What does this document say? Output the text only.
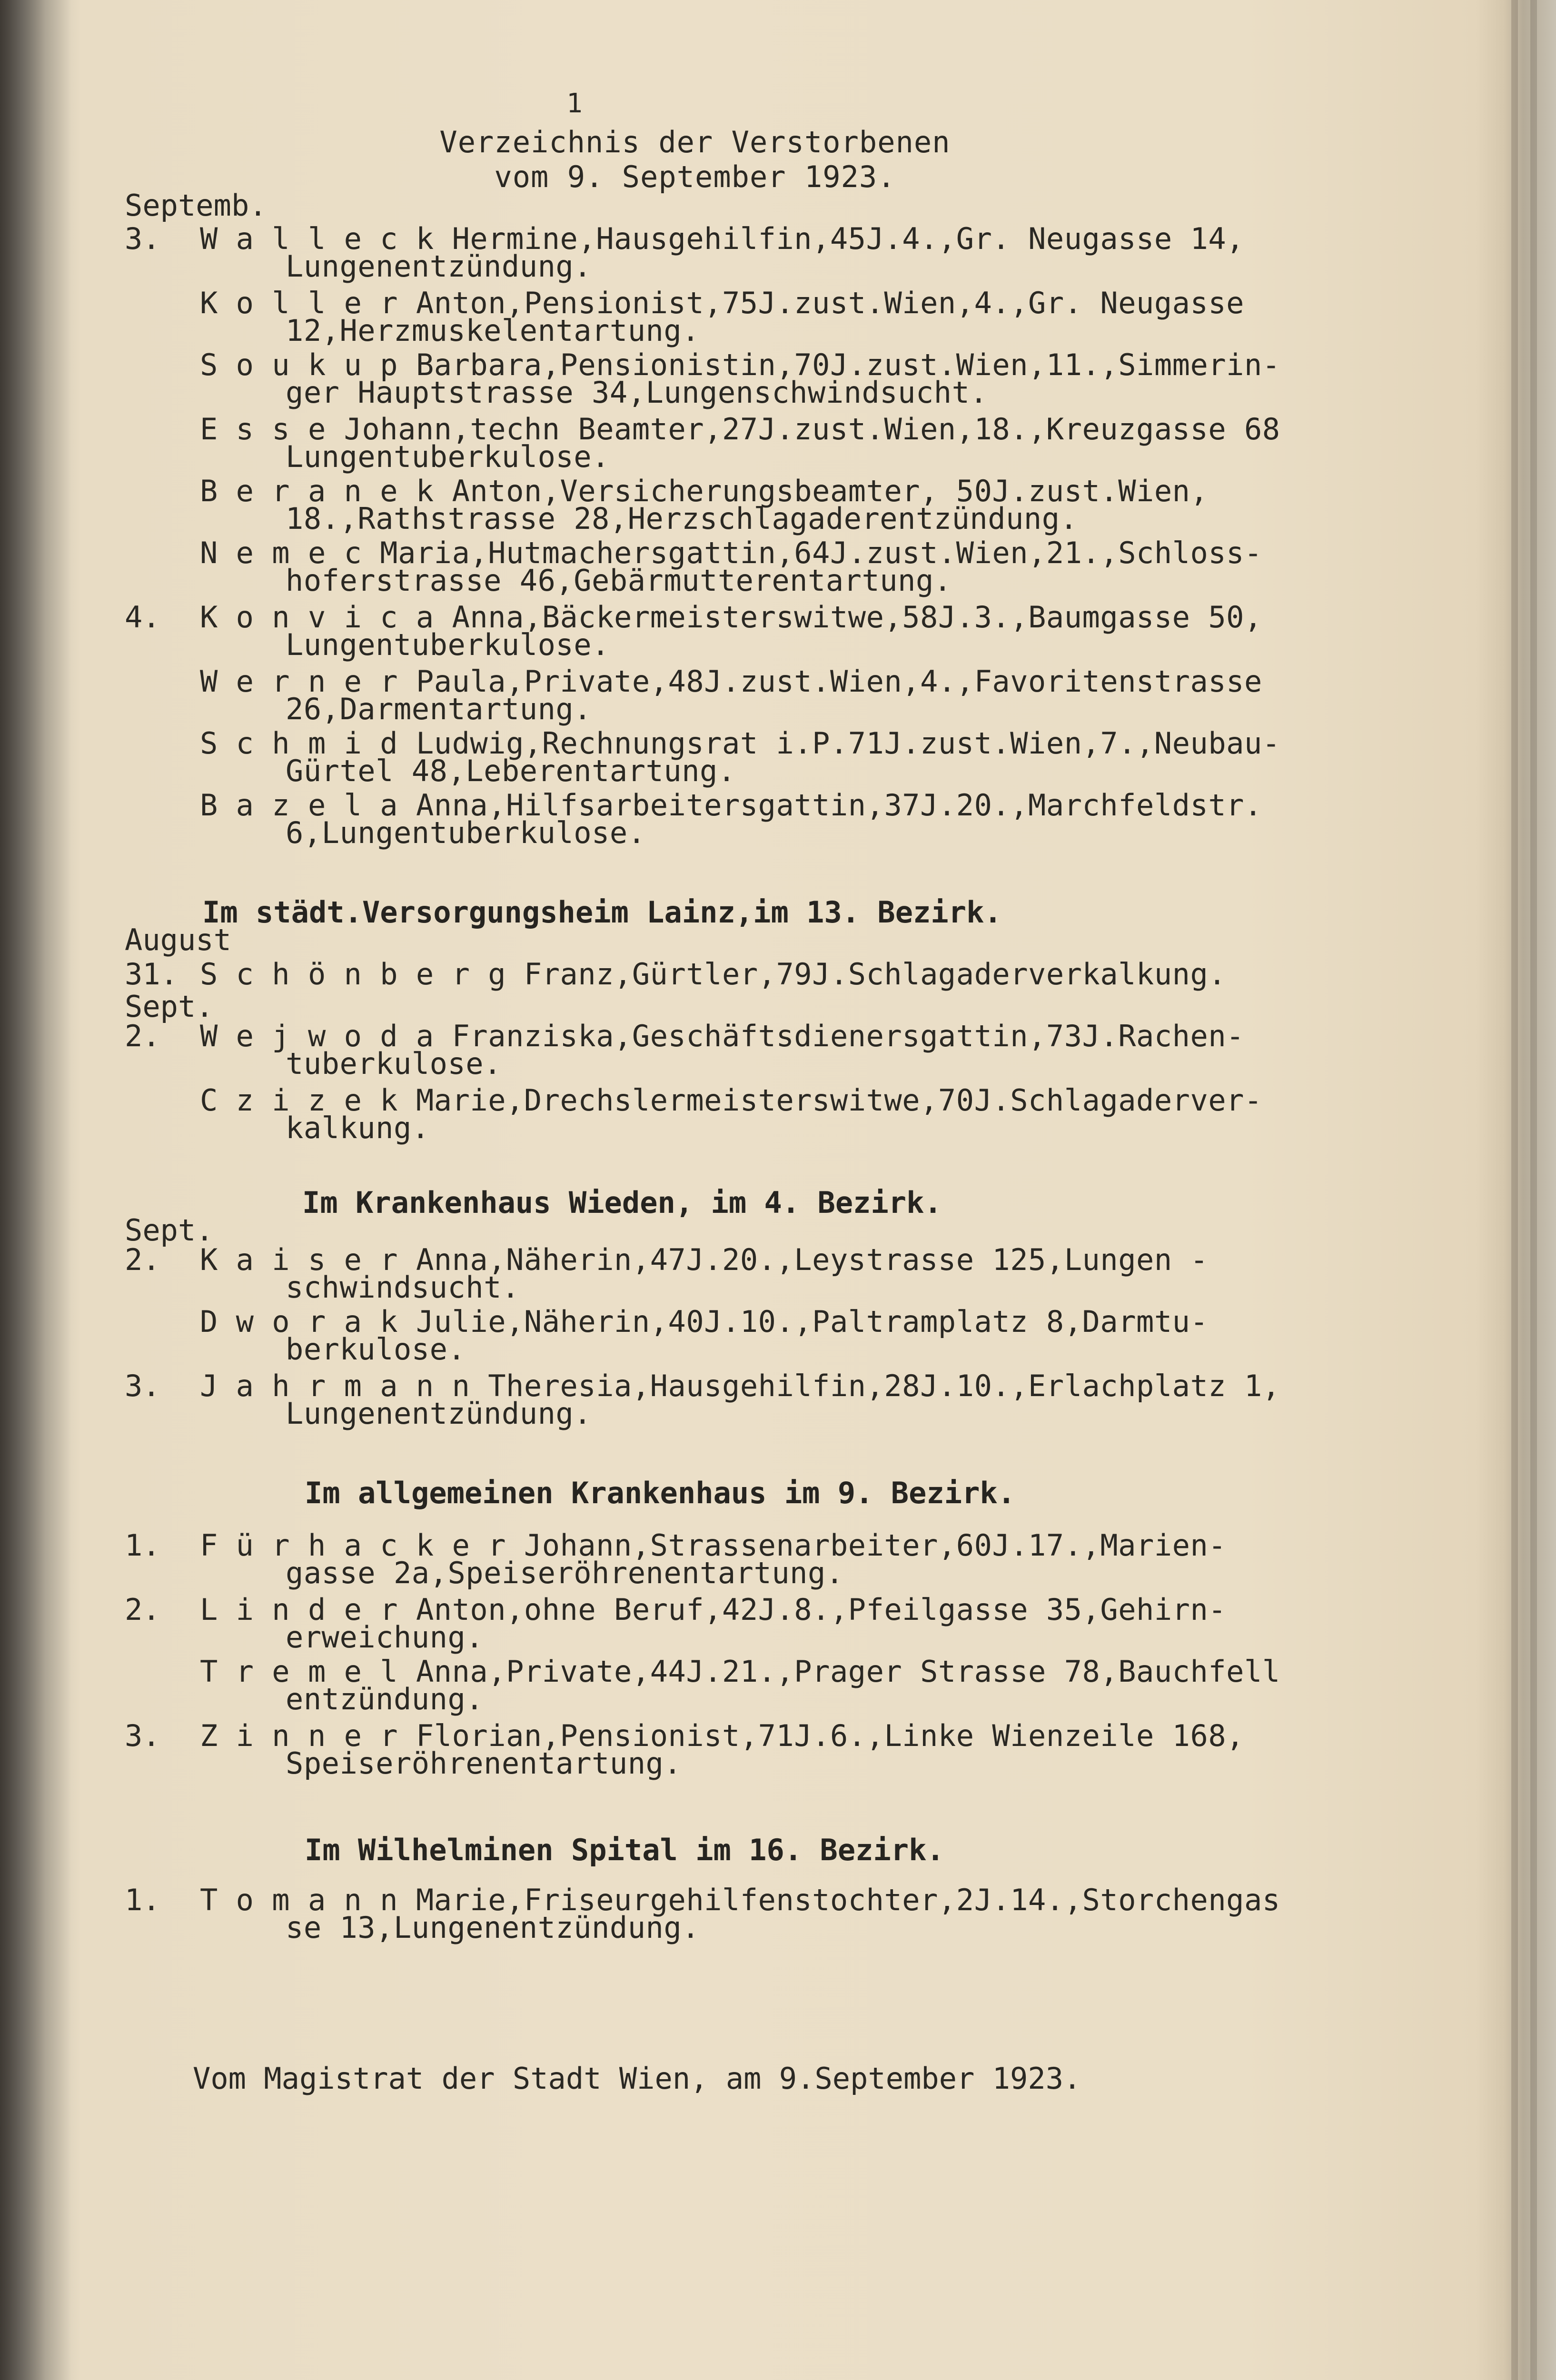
1
Verzeichnis der Verstorbenen
vom 9. September 1923.
Septemb.
3. W a l l e c k Hermine,Hausgehilfin,45J.4.,Gr. Neugasse 14,
Lungenentzündung.
K o l l e r Anton,Pensionist,75J.zust.Wien,4.,Gr. Neugasse
12,Herzmuskelentartung.
S o u k u p Barbara,Pensionistin,70J.zust.Wien,11.,Simmerin-
ger Hauptstrasse 34,Lungenschwindsucht.
E s s e Johann,techn Beamter,27J.zust.Wien,18.,Kreuzgasse 68
Lungentuberkulose.
B e r a n e k Anton,Versicherungsbeamter, 50J.zust.Wien,
18.,Rathstrasse 28,Herzschlagaderentzündung.
N e m e c Maria,Hutmachersgattin,64J.zust.Wien,21.,Schloss-
hoferstrasse 46,Gebärmutterentartung.
4. K o n v i c a Anna,Bäckermeisterswitwe,58J.3.,Baumgasse 50,
Lungentuberkulose.
W e r n e r Paula,Private,48J.zust.Wien,4.,Favoritenstrasse
26,Darmentartung.
S c h m i d Ludwig,Rechnungsrat i.P.71J.zust.Wien,7.,Neubau-
Gürtel 48,Leberentartung.
B a z e l a Anna,Hilfsarbeitersgattin,37J.20.,Marchfeldstr.
6,Lungentuberkulose.
Im städt.Versorgungsheim Lainz,im 13. Bezirk.
August
Sept.
31. S c h ö n b e r g Franz,Gürtler,79J.Schlagaderverkalkung.
2. W e j w o d a Franziska,Geschäftsdienersgattin,73J.Rachen-
tuberkulose.
C z i z e k Marie,Drechslermeisterswitwe,70J.Schlagaderver-
kalkung.
Im Krankenhaus Wieden, im 4. Bezirk.
Sept.
2. K a i s e r Anna,Näherin,47J.20.,Leystrasse 125,Lungen -
schwindsucht.
D w o r a k Julie,Näherin,40J.10.,Paltramplatz 8,Darmtu-
berkulose.
3. J a h r m a n n Theresia,Hausgehilfin,28J.10.,Erlachplatz 1,
Lungenentzündung.
Im allgemeinen Krankenhaus im 9. Bezirk.
1. F ü r h a c k e r Johann,Strassenarbeiter,60J.17.,Marien-
gasse 2a,Speiseröhrenentartung.
2. L i n d e r Anton,ohne Beruf,42J.8.,Pfeilgasse 35,Gehirn-
erweichung.
T r e m e l Anna,Private,44J.21.,Prager Strasse 78,Bauchfell
entzündung.
3. Z i n n e r Florian,Pensionist,71J.6.,Linke Wienzeile 168,
Speiseröhrenentartung.
Im Wilhelminen Spital im 16. Bezirk.
1. T o m a n n Marie,Friseurgehilfenstochter,2J.14.,Storchengas
se 13,Lungenentzündung.
Vom Magistrat der Stadt Wien, am 9.September 1923.
